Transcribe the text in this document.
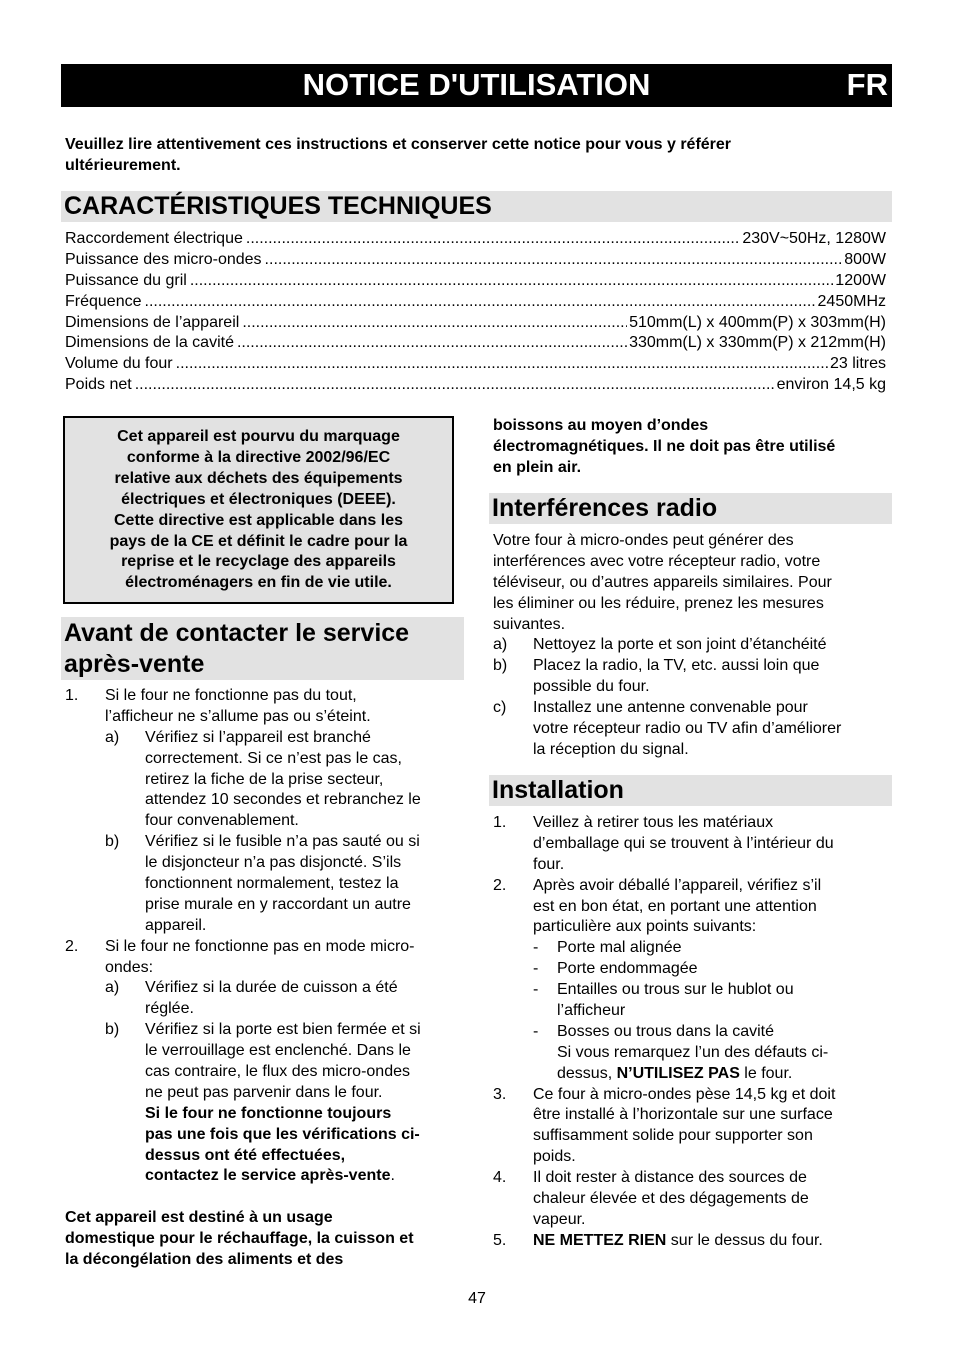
NOTICE D'UTILISATION	FR
Veuillez lire attentivement ces instructions et conserver cette notice pour vous y référer
ultérieurement.
CARACTÉRISTIQUES TECHNIQUES
Raccordement électrique .....	230V~50Hz, 1280W
Puissance des micro-ondes .....	800W
Puissance du gril .....	1200W
Fréquence .....	2450MHz
Dimensions de l’appareil .....	510mm(L) x 400mm(P) x 303mm(H)
Dimensions de la cavité .....	330mm(L) x 330mm(P) x 212mm(H)
Volume du four .....	23 litres
Poids net .....	environ 14,5 kg
Cet appareil est pourvu du marquage
conforme à la directive 2002/96/EC
relative aux déchets des équipements
électriques et électroniques (DEEE).
Cette directive est applicable dans les
pays de la CE et définit le cadre pour la
reprise et le recyclage des appareils
électroménagers en fin de vie utile.
Avant de contacter le service
après-vente
1. Si le four ne fonctionne pas du tout,
l’afficheur ne s’allume pas ou s’éteint.
a) Vérifiez si l’appareil est branché
correctement. Si ce n’est pas le cas,
retirez la fiche de la prise secteur,
attendez 10 secondes et rebranchez le
four convenablement.
b) Vérifiez si le fusible n’a pas sauté ou si
le disjoncteur n’a pas disjoncté. S’ils
fonctionnent normalement, testez la
prise murale en y raccordant un autre
appareil.
2. Si le four ne fonctionne pas en mode micro-
ondes:
a) Vérifiez si la durée de cuisson a été
réglée.
b) Vérifiez si la porte est bien fermée et si
le verrouillage est enclenché. Dans le
cas contraire, le flux des micro-ondes
ne peut pas parvenir dans le four.
Si le four ne fonctionne toujours
pas une fois que les vérifications ci-
dessus ont été effectuées,
contactez le service après-vente.
Cet appareil est destiné à un usage
domestique pour le réchauffage, la cuisson et
la décongélation des aliments et des
boissons au moyen d’ondes
électromagnétiques. Il ne doit pas être utilisé
en plein air.
Interférences radio
Votre four à micro-ondes peut générer des
interférences avec votre récepteur radio, votre
téléviseur, ou d’autres appareils similaires. Pour
les éliminer ou les réduire, prenez les mesures
suivantes.
a) Nettoyez la porte et son joint d’étanchéité
b) Placez la radio, la TV, etc. aussi loin que
possible du four.
c) Installez une antenne convenable pour
votre récepteur radio ou TV afin d’améliorer
la réception du signal.
Installation
1. Veillez à retirer tous les matériaux
d’emballage qui se trouvent à l’intérieur du
four.
2. Après avoir déballé l’appareil, vérifiez s’il
est en bon état, en portant une attention
particulière aux points suivants:
- Porte mal alignée
- Porte endommagée
- Entailles ou trous sur le hublot ou
l’afficheur
- Bosses ou trous dans la cavité
Si vous remarquez l’un des défauts ci-
dessus, N’UTILISEZ PAS le four.
3. Ce four à micro-ondes pèse 14,5 kg et doit
être installé à l’horizontale sur une surface
suffisamment solide pour supporter son
poids.
4. Il doit rester à distance des sources de
chaleur élevée et des dégagements de
vapeur.
5. NE METTEZ RIEN sur le dessus du four.
47
